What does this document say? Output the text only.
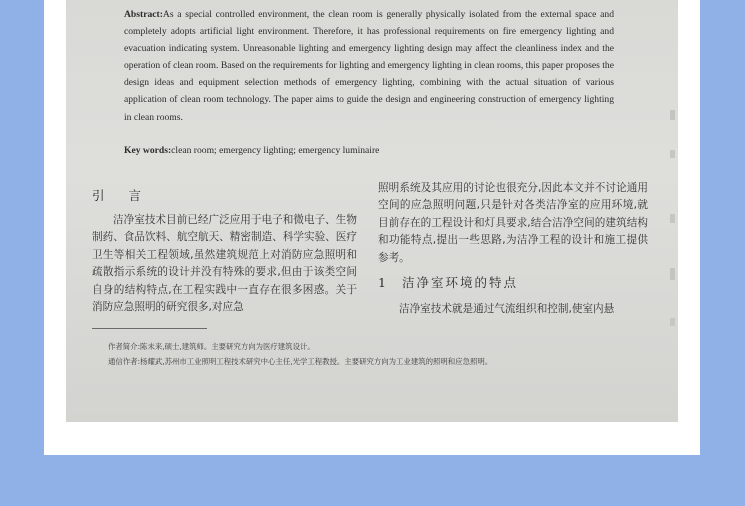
Abstract:As a special controlled environment, the clean room is generally physically isolated from the external space and completely adopts artificial light environment. Therefore, it has professional requirements on fire emergency lighting and evacuation indicating system. Unreasonable lighting and emergency lighting design may affect the cleanliness index and the operation of clean room. Based on the requirements for lighting and emergency lighting in clean rooms, this paper proposes the design ideas and equipment selection methods of emergency lighting, combining with the actual situation of various application of clean room technology. The paper aims to guide the design and engineering construction of emergency lighting in clean rooms.
Key words:clean room; emergency lighting; emergency luminaire
引 言
洁净室技术目前已经广泛应用于电子和微电子、生物制药、食品饮料、航空航天、精密制造、科学实验、医疗卫生等相关工程领域,虽然建筑规范上对消防应急照明和疏散指示系统的设计并没有特殊的要求,但由于该类空间自身的结构特点,在工程实践中一直存在很多困惑。关于消防应急照明的研究很多,对应急
照明系统及其应用的讨论也很充分,因此本文并不讨论通用空间的应急照明问题,只是针对各类洁净室的应用环境,就目前存在的工程设计和灯具要求,结合洁净空间的建筑结构和功能特点,提出一些思路,为洁净工程的设计和施工提供参考。
1 洁净室环境的特点
洁净室技术就是通过气流组织和控制,使室内悬
作者简介:陈未来,硕士,建筑师。主要研究方向为医疗建筑设计。
通信作者:杨耀武,苏州市工业照明工程技术研究中心主任,光学工程教授。主要研究方向为工业建筑的照明和应急照明。
